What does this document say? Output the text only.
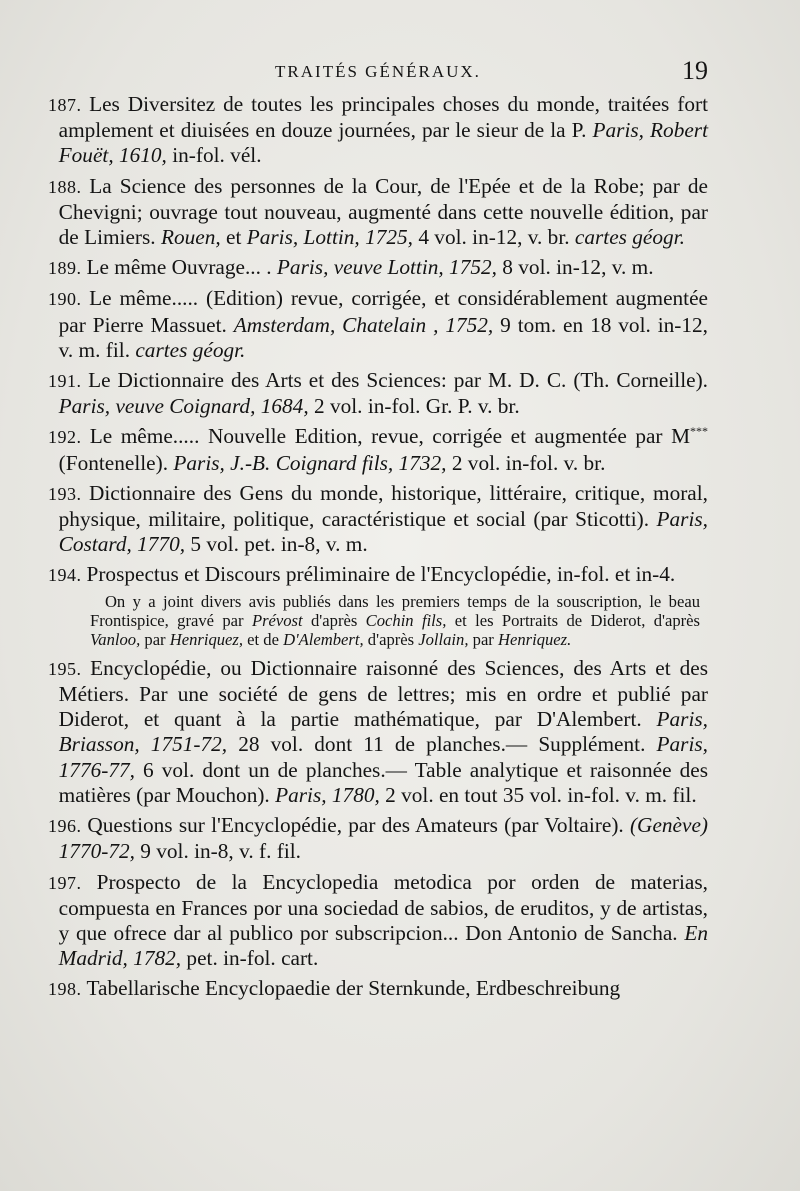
TRAITÉS GÉNÉRAUX.	19

187 . Les Diversitez de toutes les principales choses du monde, traitées fort amplement et diuisées en douze journées, par le sieur de la P. Paris, Robert Fouët, 1610, in-fol. vél.

188 . La Science des personnes de la Cour, de l'Epée et de la Robe; par de Chevigni; ouvrage tout nouveau, augmenté dans cette nouvelle édition, par de Limiers. Rouen, et Paris, Lottin, 1725, 4 vol. in-12, v. br. cartes géogr.

189 . Le même Ouvrage... . Paris, veuve Lottin, 1752, 8 vol. in-12, v. m.

190 . Le même..... (Edition) revue, corrigée, et considérablement augmentée par Pierre Massuet. Amsterdam, Chatelain , 1752, 9 tom. en 18 vol. in-12, v. m. fil. cartes géogr.

191 . Le Dictionnaire des Arts et des Sciences: par M. D. C. (Th. Corneille). Paris, veuve Coignard, 1684, 2 vol. in-fol. Gr. P. v. br.

192 . Le même..... Nouvelle Edition, revue, corrigée et augmentée par M*** (Fontenelle). Paris, J.-B. Coignard fils, 1732, 2 vol. in-fol. v. br.

193 . Dictionnaire des Gens du monde, historique, littéraire, critique, moral, physique, militaire, politique, caractéristique et social (par Sticotti). Paris, Costard, 1770, 5 vol. pet. in-8, v. m.

194 . Prospectus et Discours préliminaire de l'Encyclopédie, in-fol. et in-4.

On y a joint divers avis publiés dans les premiers temps de la souscription, le beau Frontispice, gravé par Prévost d'après Cochin fils, et les Portraits de Diderot, d'après Vanloo, par Henriquez, et de D'Alembert, d'après Jollain, par Henriquez.

195 . Encyclopédie, ou Dictionnaire raisonné des Sciences, des Arts et des Métiers. Par une société de gens de lettres; mis en ordre et publié par Diderot, et quant à la partie mathématique, par D'Alembert. Paris, Briasson, 1751-72, 28 vol. dont 11 de planches.— Supplément. Paris, 1776-77, 6 vol. dont un de planches.— Table analytique et raisonnée des matières (par Mouchon). Paris, 1780, 2 vol. en tout 35 vol. in-fol. v. m. fil.

196 . Questions sur l'Encyclopédie, par des Amateurs (par Voltaire). (Genève) 1770-72, 9 vol. in-8, v. f. fil.

197 . Prospecto de la Encyclopedia metodica por orden de materias, compuesta en Frances por una sociedad de sabios, de eruditos, y de artistas, y que ofrece dar al publico por subscripcion... Don Antonio de Sancha. En Madrid, 1782, pet. in-fol. cart.

198 . Tabellarische Encyclopaedie der Sternkunde, Erdbeschreibung
